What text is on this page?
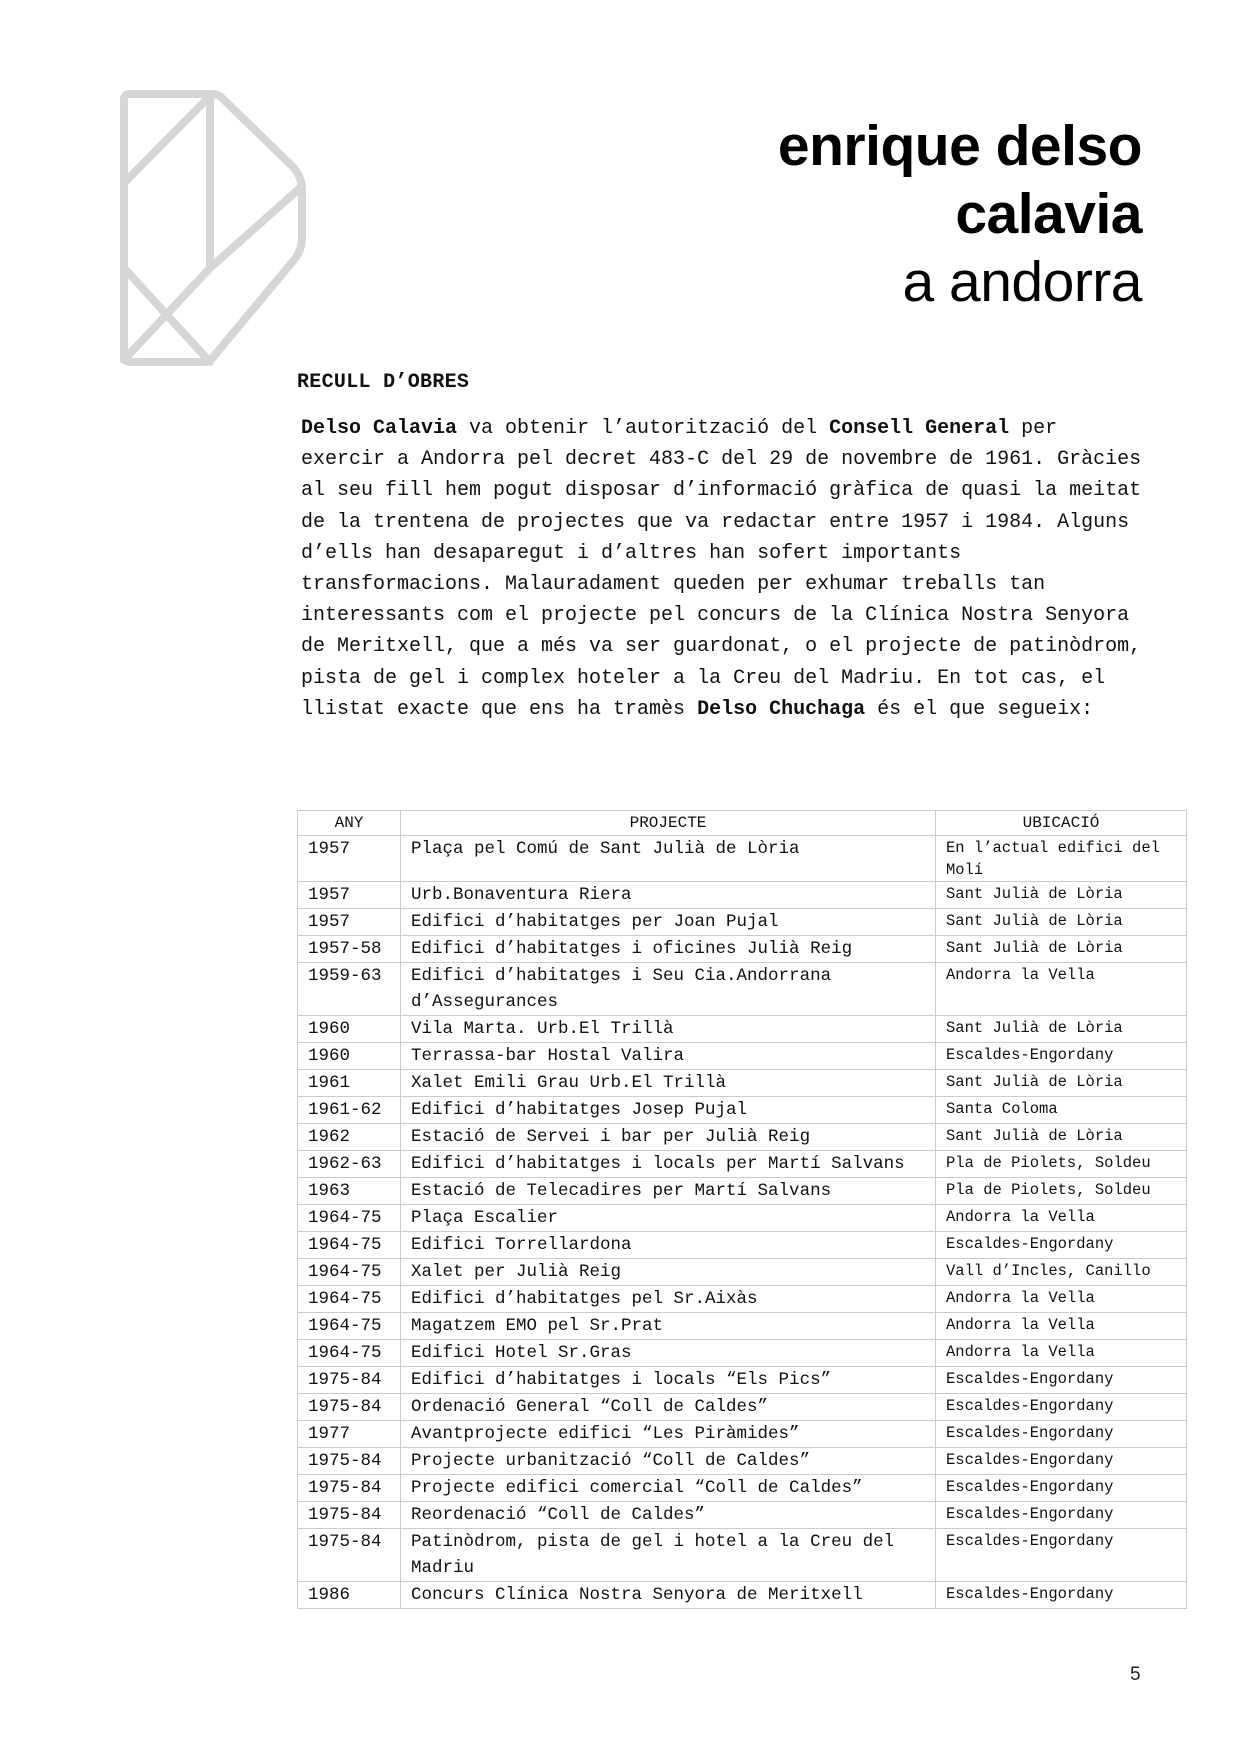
enrique delso
calavia
a andorra
RECULL D’OBRES

Delso Calavia va obtenir l’autorització del Consell General per exercir a Andorra pel decret 483-C del 29 de novembre de 1961. Gràcies al seu fill hem pogut disposar d’informació gràfica de quasi la meitat de la trentena de projectes que va redactar entre 1957 i 1984. Alguns d’ells han desaparegut i d’altres han sofert importants transformacions. Malauradament queden per exhumar treballs tan interessants com el projecte pel concurs de la Clínica Nostra Senyora de Meritxell, que a més va ser guardonat, o el projecte de patinòdrom, pista de gel i complex hoteler a la Creu del Madriu. En tot cas, el llistat exacte que ens ha tramès Delso Chuchaga és el que segueix:

ANY	PROJECTE	UBICACIÓ
1957	Plaça pel Comú de Sant Julià de Lòria	En l’actual edifici del Molí
1957	Urb.Bonaventura Riera	Sant Julià de Lòria
1957	Edifici d’habitatges per Joan Pujal	Sant Julià de Lòria
1957-58	Edifici d’habitatges i oficines Julià Reig	Sant Julià de Lòria
1959-63	Edifici d’habitatges i Seu Cia.Andorrana d’Assegurances	Andorra la Vella
1960	Vila Marta. Urb.El Trillà	Sant Julià de Lòria
1960	Terrassa-bar Hostal Valira	Escaldes-Engordany
1961	Xalet Emili Grau Urb.El Trillà	Sant Julià de Lòria
1961-62	Edifici d’habitatges Josep Pujal	Santa Coloma
1962	Estació de Servei i bar per Julià Reig	Sant Julià de Lòria
1962-63	Edifici d’habitatges i locals per Martí Salvans	Pla de Piolets, Soldeu
1963	Estació de Telecadires per Martí Salvans	Pla de Piolets, Soldeu
1964-75	Plaça Escalier	Andorra la Vella
1964-75	Edifici Torrellardona	Escaldes-Engordany
1964-75	Xalet per Julià Reig	Vall d’Incles, Canillo
1964-75	Edifici d’habitatges pel Sr.Aixàs	Andorra la Vella
1964-75	Magatzem EMO pel Sr.Prat	Andorra la Vella
1964-75	Edifici Hotel Sr.Gras	Andorra la Vella
1975-84	Edifici d’habitatges i locals “Els Pics”	Escaldes-Engordany
1975-84	Ordenació General “Coll de Caldes”	Escaldes-Engordany
1977	Avantprojecte edifici “Les Piràmides”	Escaldes-Engordany
1975-84	Projecte urbanització “Coll de Caldes”	Escaldes-Engordany
1975-84	Projecte edifici comercial “Coll de Caldes”	Escaldes-Engordany
1975-84	Reordenació “Coll de Caldes”	Escaldes-Engordany
1975-84	Patinòdrom, pista de gel i hotel a la Creu del Madriu	Escaldes-Engordany
1986	Concurs Clínica Nostra Senyora de Meritxell	Escaldes-Engordany
5
